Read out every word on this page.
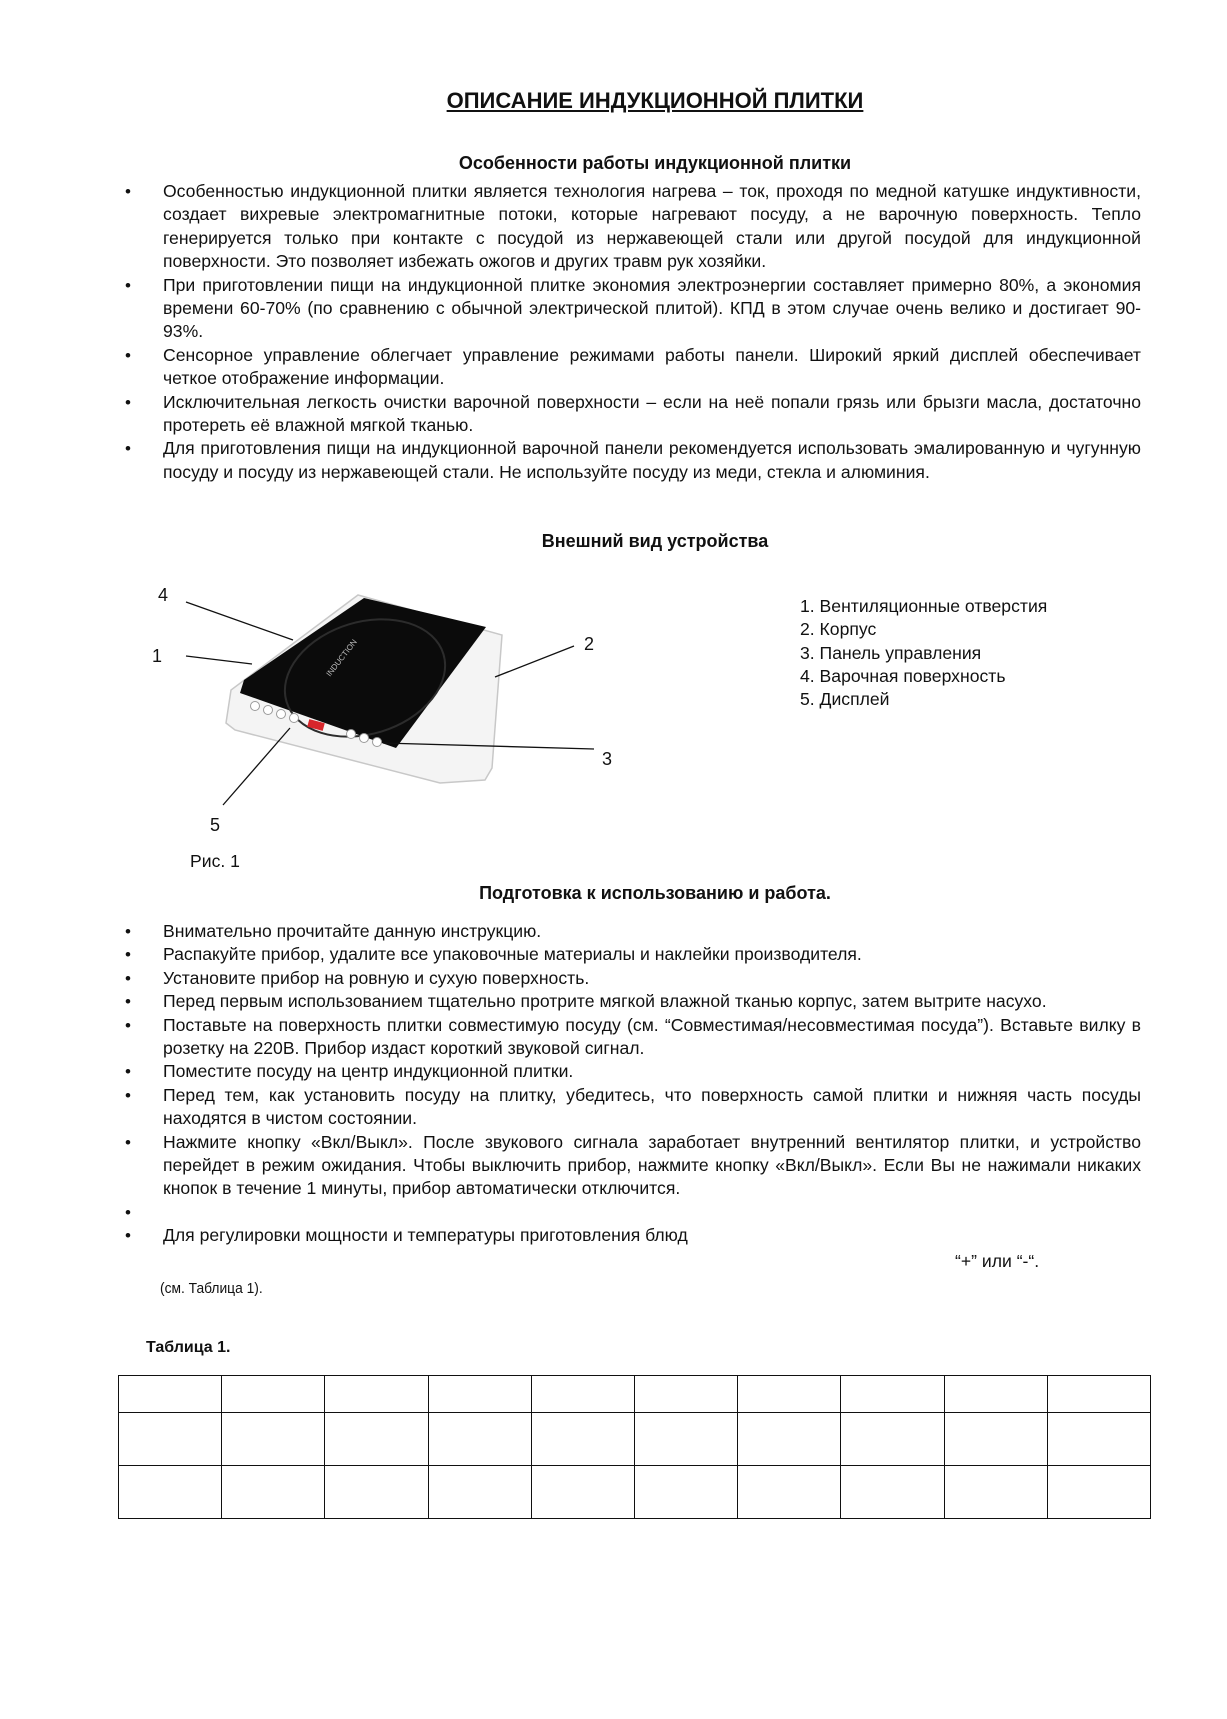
ОПИСАНИЕ ИНДУКЦИОННОЙ ПЛИТКИ
Особенности работы индукционной плитки
• Особенностью индукционной плитки является технология нагрева – ток, проходя по медной катушке индуктивности, создает вихревые электромагнитные потоки, которые нагревают посуду, а не варочную поверхность. Тепло генерируется только при контакте с посудой из нержавеющей стали или другой посудой для индукционной поверхности. Это позволяет избежать ожогов и других травм рук хозяйки.
• При приготовлении пищи на индукционной плитке экономия электроэнергии составляет примерно 80%, а экономия времени 60-70% (по сравнению с обычной электрической плитой). КПД в этом случае очень велико и достигает 90-93%.
• Сенсорное управление облегчает управление режимами работы панели. Широкий яркий дисплей обеспечивает четкое отображение информации.
• Исключительная легкость очистки варочной поверхности – если на неё попали грязь или брызги масла, достаточно протереть её влажной мягкой тканью.
• Для приготовления пищи на индукционной варочной панели рекомендуется использовать эмалированную и чугунную посуду и посуду из нержавеющей стали. Не используйте посуду из меди, стекла и алюминия.
Внешний вид устройства
INDUCTION
4
1
2
3
5
1. Вентиляционные отверстия
2. Корпус
3. Панель управления
4. Варочная поверхность
5. Дисплей
Рис. 1
Подготовка к использованию и работа.
• Внимательно прочитайте данную инструкцию.
• Распакуйте прибор, удалите все упаковочные материалы и наклейки производителя.
• Установите прибор на ровную и сухую поверхность.
• Перед первым использованием тщательно протрите мягкой влажной тканью корпус, затем вытрите насухо.
• Поставьте на поверхность плитки совместимую посуду (см. “Совместимая/несовместимая посуда”). Вставьте вилку в розетку на 220В. Прибор издаст короткий звуковой сигнал.
• Поместите посуду на центр индукционной плитки.
• Перед тем, как установить посуду на плитку, убедитесь, что поверхность самой плитки и нижняя часть посуды находятся в чистом состоянии.
• Нажмите кнопку «Вкл/Выкл». После звукового сигнала заработает внутренний вентилятор плитки, и устройство перейдет в режим ожидания. Чтобы выключить прибор, нажмите кнопку «Вкл/Выкл». Если Вы не нажимали никаких кнопок в течение 1 минуты, прибор автоматически отключится.
•
• Для регулировки мощности и температуры приготовления блюд
“+” или “-“.
(см. Таблица 1).
Таблица 1.
